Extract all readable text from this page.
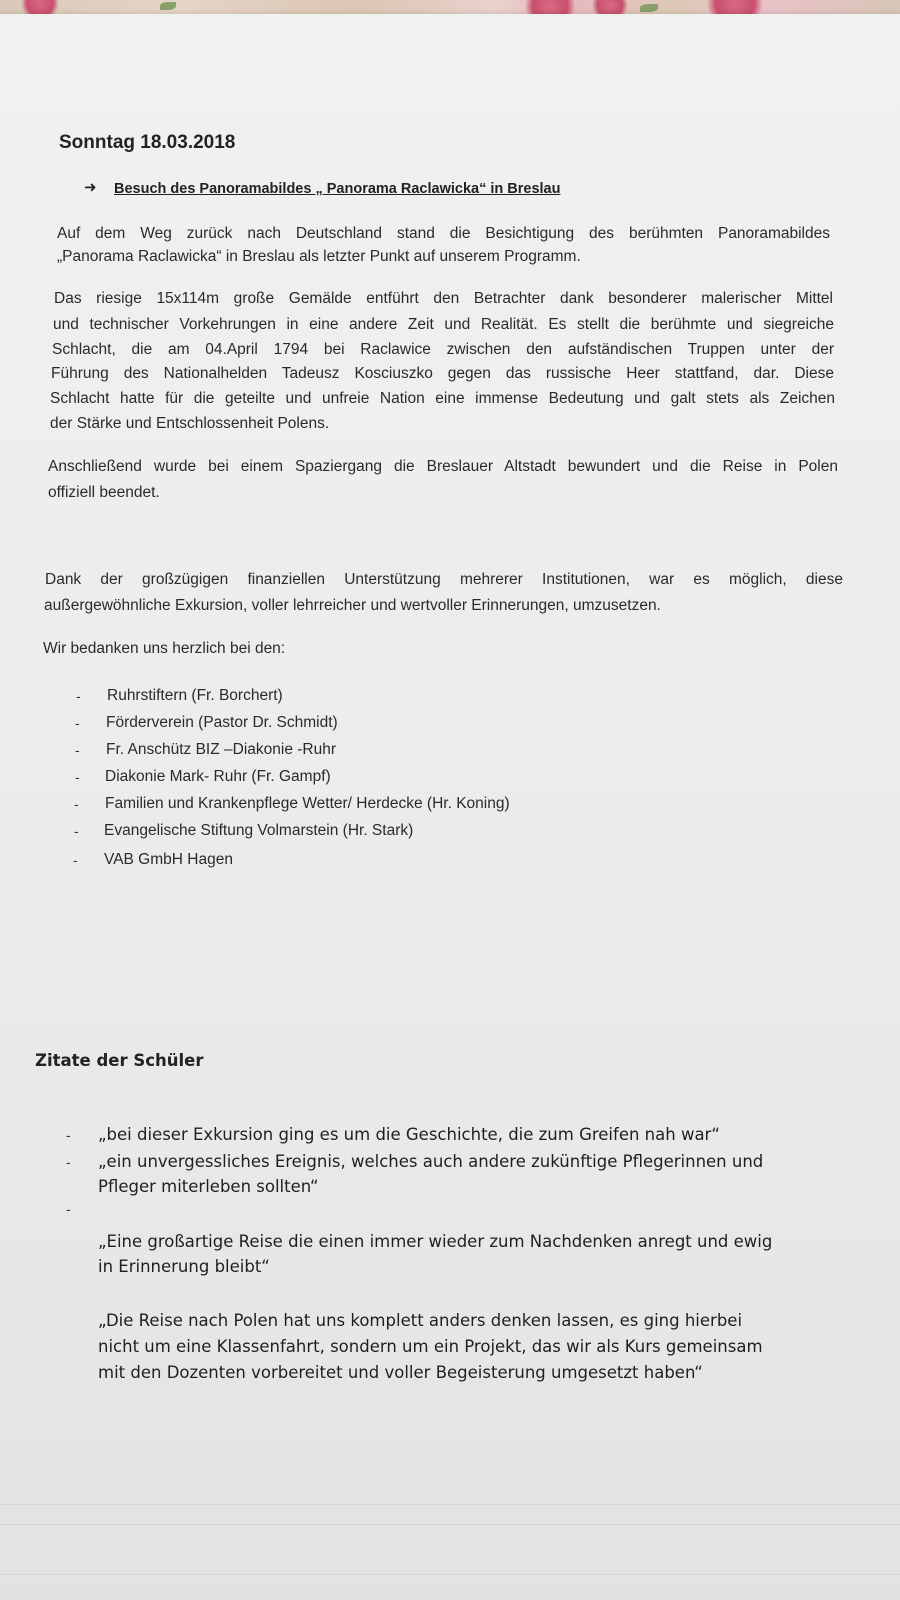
Sonntag 18.03.2018
➜ Besuch des Panoramabildes „ Panorama Raclawicka“ in Breslau
Auf dem Weg zurück nach Deutschland stand die Besichtigung des berühmten Panoramabildes
„Panorama Raclawicka“ in Breslau als letzter Punkt auf unserem Programm.
Das riesige 15x114m große Gemälde entführt den Betrachter dank besonderer malerischer Mittel
und technischer Vorkehrungen in eine andere Zeit und Realität. Es stellt die berühmte und siegreiche
Schlacht, die am 04.April 1794 bei Raclawice zwischen den aufständischen Truppen unter der
Führung des Nationalhelden Tadeusz Kosciuszko gegen das russische Heer stattfand, dar. Diese
Schlacht hatte für die geteilte und unfreie Nation eine immense Bedeutung und galt stets als Zeichen
der Stärke und Entschlossenheit Polens.
Anschließend wurde bei einem Spaziergang die Breslauer Altstadt bewundert und die Reise in Polen
offiziell beendet.
Dank der großzügigen finanziellen Unterstützung mehrerer Institutionen, war es möglich, diese
außergewöhnliche Exkursion, voller lehrreicher und wertvoller Erinnerungen, umzusetzen.
Wir bedanken uns herzlich bei den:
- Ruhrstiftern (Fr. Borchert)
- Förderverein (Pastor Dr. Schmidt)
- Fr. Anschütz BIZ –Diakonie -Ruhr
- Diakonie Mark- Ruhr (Fr. Gampf)
- Familien und Krankenpflege Wetter/ Herdecke (Hr. Koning)
- Evangelische Stiftung Volmarstein (Hr. Stark)
- VAB GmbH Hagen
Zitate der Schüler
- „bei dieser Exkursion ging es um die Geschichte, die zum Greifen nah war“
- „ein unvergessliches Ereignis, welches auch andere zukünftige Pflegerinnen und
Pfleger miterleben sollten“
-
„Eine großartige Reise die einen immer wieder zum Nachdenken anregt und ewig
in Erinnerung bleibt“
„Die Reise nach Polen hat uns komplett anders denken lassen, es ging hierbei
nicht um eine Klassenfahrt, sondern um ein Projekt, das wir als Kurs gemeinsam
mit den Dozenten vorbereitet und voller Begeisterung umgesetzt haben“
